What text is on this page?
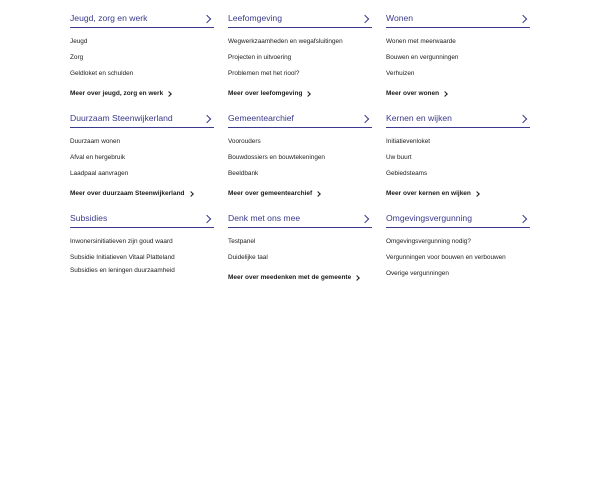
Jeugd, zorg en werk
Jeugd
Zorg
Geldloket en schulden
Meer over jeugd, zorg en werk
Leefomgeving
Wegwerkzaamheden en wegafsluitingen
Projecten in uitvoering
Problemen met het riool?
Meer over leefomgeving
Wonen
Wonen met meerwaarde
Bouwen en vergunningen
Verhuizen
Meer over wonen
Duurzaam Steenwijkerland
Duurzaam wonen
Afval en hergebruik
Laadpaal aanvragen
Meer over duurzaam Steenwijkerland
Gemeentearchief
Voorouders
Bouwdossiers en bouwtekeningen
Beeldbank
Meer over gemeentearchief
Kernen en wijken
Initiatievenloket
Uw buurt
Gebiedsteams
Meer over kernen en wijken
Subsidies
Inwonersinitiatieven zijn goud waard
Subsidie Initiatieven Vitaal Platteland
Subsidies en leningen duurzaamheid
Denk met ons mee
Testpanel
Duidelijke taal
Meer over meedenken met de gemeente
Omgevingsvergunning
Omgevingsvergunning nodig?
Vergunningen voor bouwen en verbouwen
Overige vergunningen
